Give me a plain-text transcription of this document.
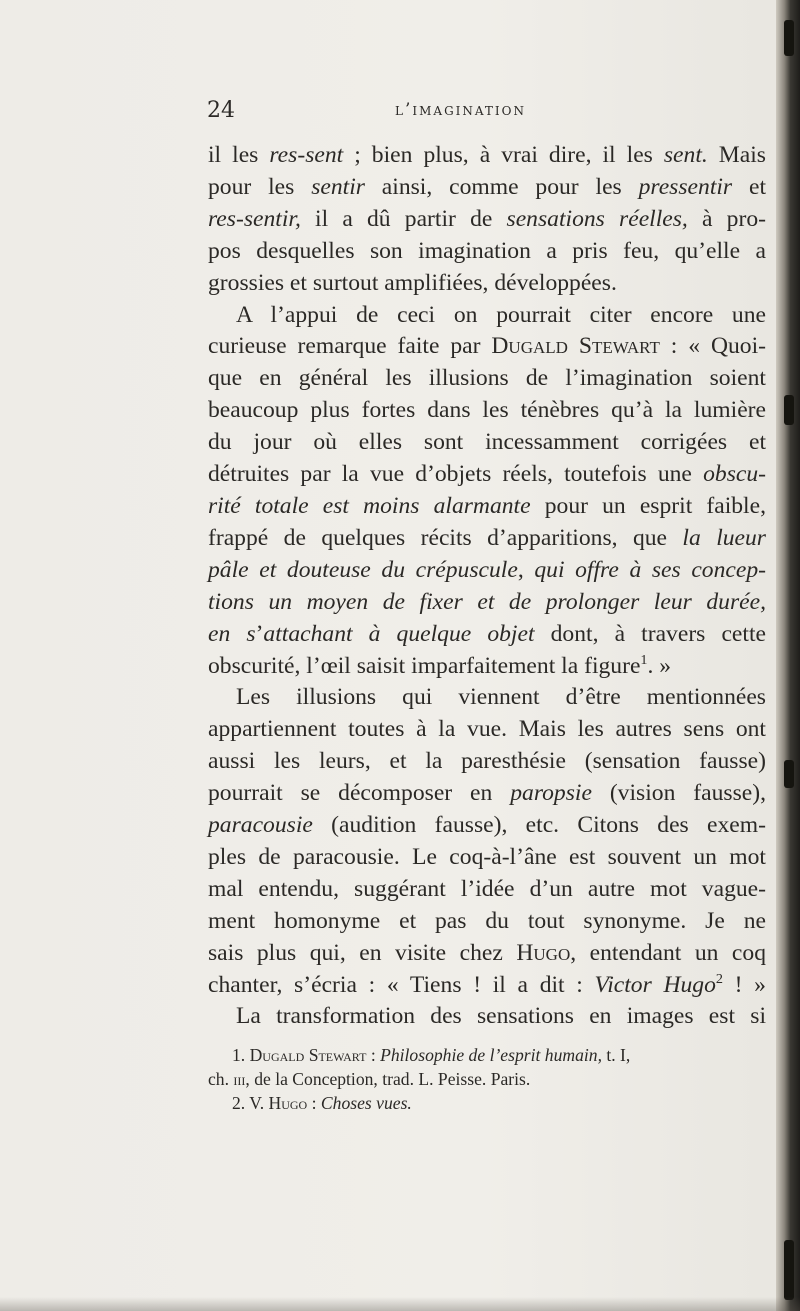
24	l’imagination
il les res-sent ; bien plus, à vrai dire, il les sent. Mais
pour les sentir ainsi, comme pour les pressentir et
res-sentir, il a dû partir de sensations réelles, à pro-
pos desquelles son imagination a pris feu, qu’elle a
grossies et surtout amplifiées, développées.
A l’appui de ceci on pourrait citer encore une
curieuse remarque faite par Dugald Stewart : « Quoi-
que en général les illusions de l’imagination soient
beaucoup plus fortes dans les ténèbres qu’à la lumière
du jour où elles sont incessamment corrigées et
détruites par la vue d’objets réels, toutefois une obscu-
rité totale est moins alarmante pour un esprit faible,
frappé de quelques récits d’apparitions, que la lueur
pâle et douteuse du crépuscule, qui offre à ses concep-
tions un moyen de fixer et de prolonger leur durée,
en s’attachant à quelque objet dont, à travers cette
obscurité, l’œil saisit imparfaitement la figure$^1$. »
Les illusions qui viennent d’être mentionnées
appartiennent toutes à la vue. Mais les autres sens ont
aussi les leurs, et la paresthésie (sensation fausse)
pourrait se décomposer en paropsie (vision fausse),
paracousie (audition fausse), etc. Citons des exem-
ples de paracousie. Le coq-à-l’âne est souvent un mot
mal entendu, suggérant l’idée d’un autre mot vague-
ment homonyme et pas du tout synonyme. Je ne
sais plus qui, en visite chez Hugo, entendant un coq
chanter, s’écria : « Tiens ! il a dit : Victor Hugo$^2$ ! »
La transformation des sensations en images est si
1. Dugald Stewart : Philosophie de l’esprit humain, t. I,
ch. iii, de la Conception, trad. L. Peisse. Paris.
2. V. Hugo : Choses vues.
